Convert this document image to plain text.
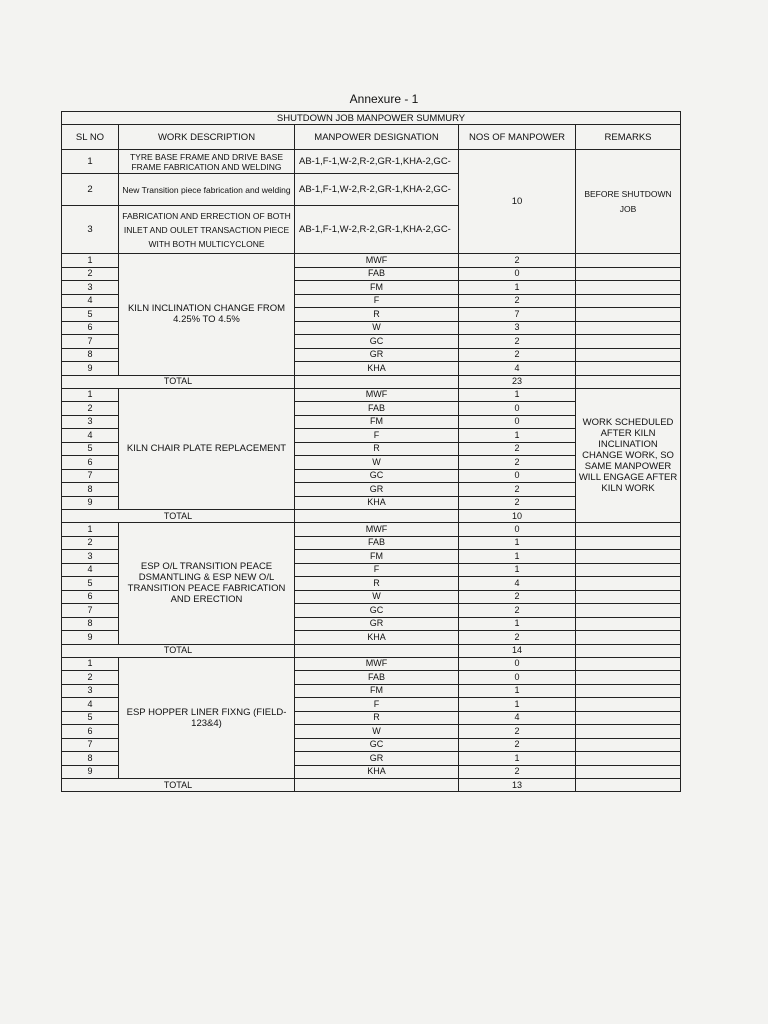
Annexure - 1
SHUTDOWN JOB MANPOWER SUMMURY				
SL NO	WORK DESCRIPTION	MANPOWER DESIGNATION	NOS OF MANPOWER	REMARKS
1	TYRE BASE FRAME AND DRIVE BASE FRAME FABRICATION AND WELDING	AB-1,F-1,W-2,R-2,GR-1,KHA-2,GC-	10	BEFORE SHUTDOWN JOB
2	New Transition piece fabrication and welding	AB-1,F-1,W-2,R-2,GR-1,KHA-2,GC-		
3	FABRICATION AND ERRECTION OF BOTH INLET AND OULET TRANSACTION PIECE WITH BOTH MULTICYCLONE	AB-1,F-1,W-2,R-2,GR-1,KHA-2,GC-		
1	KILN INCLINATION CHANGE FROM 4.25% TO 4.5%	MWF	2	
2		FAB	0	
3		FM	1	
4		F	2	
5		R	7	
6		W	3	
7		GC	2	
8		GR	2	
9		KHA	4	
TOTAL			23	
1	KILN CHAIR PLATE REPLACEMENT	MWF	1	WORK SCHEDULED AFTER KILN INCLINATION CHANGE WORK, SO SAME MANPOWER WILL ENGAGE AFTER KILN WORK
2		FAB	0	
3		FM	0	
4		F	1	
5		R	2	
6		W	2	
7		GC	0	
8		GR	2	
9		KHA	2	
TOTAL			10	
1	ESP O/L TRANSITION PEACE DSMANTLING & ESP NEW O/L TRANSITION PEACE FABRICATION AND ERECTION	MWF	0	
2		FAB	1	
3		FM	1	
4		F	1	
5		R	4	
6		W	2	
7		GC	2	
8		GR	1	
9		KHA	2	
TOTAL			14	
1	ESP HOPPER LINER FIXNG (FIELD-123&4)	MWF	0	
2		FAB	0	
3		FM	1	
4		F	1	
5		R	4	
6		W	2	
7		GC	2	
8		GR	1	
9		KHA	2	
TOTAL			13	
